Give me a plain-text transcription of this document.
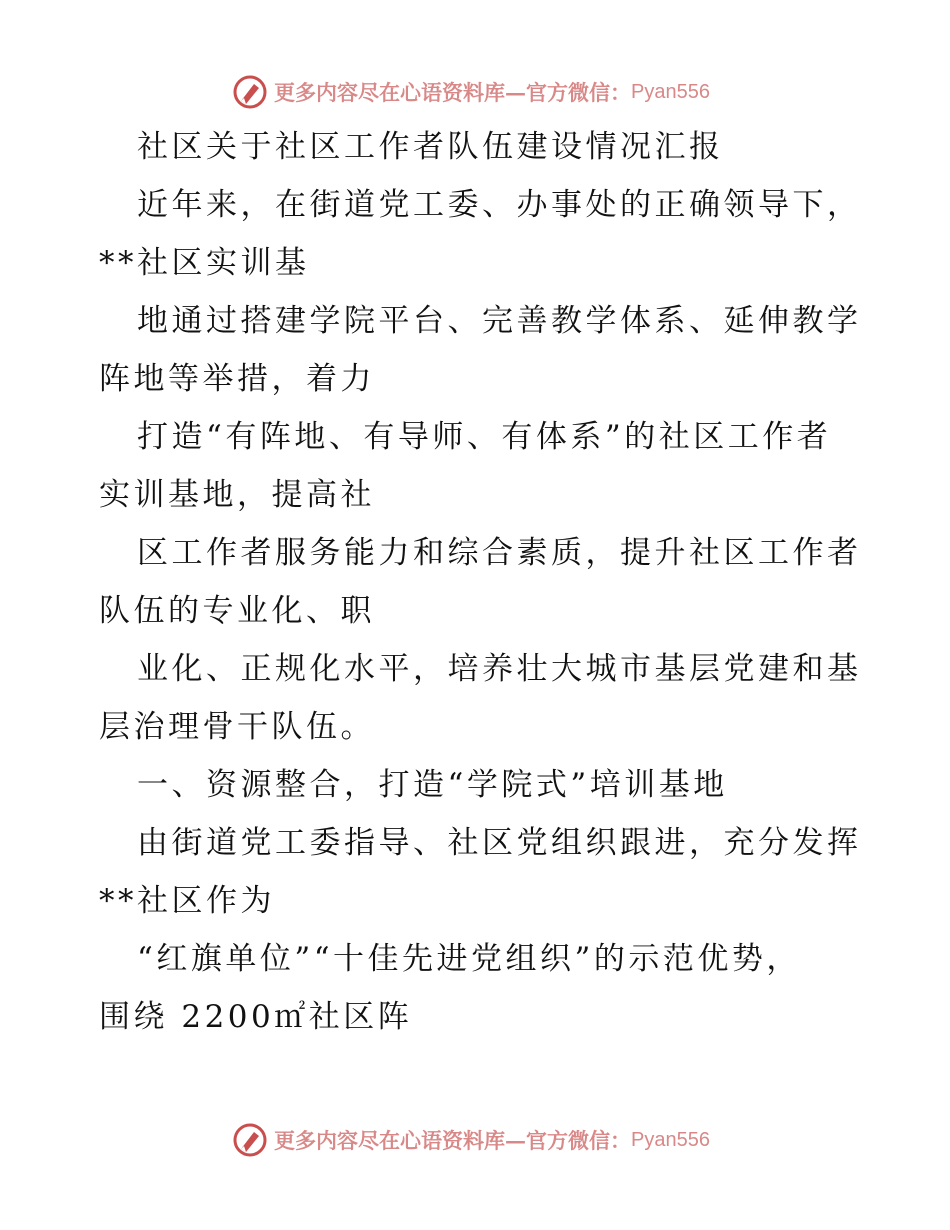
更多内容尽在心语资料库—官方微信： Pyan556

社区关于社区工作者队伍建设情况汇报

近年来，在街道党工委、办事处的正确领导下，

**社区实训基

地通过搭建学院平台、完善教学体系、延伸教学

阵地等举措，着力

打造“有阵地、有导师、有体系”的社区工作者

实训基地，提高社

区工作者服务能力和综合素质，提升社区工作者

队伍的专业化、职

业化、正规化水平，培养壮大城市基层党建和基

层治理骨干队伍。

一、资源整合，打造“学院式”培训基地

由街道党工委指导、社区党组织跟进，充分发挥

**社区作为

“红旗单位”“十佳先进党组织”的示范优势，

围绕 2200㎡社区阵

更多内容尽在心语资料库—官方微信： Pyan556
